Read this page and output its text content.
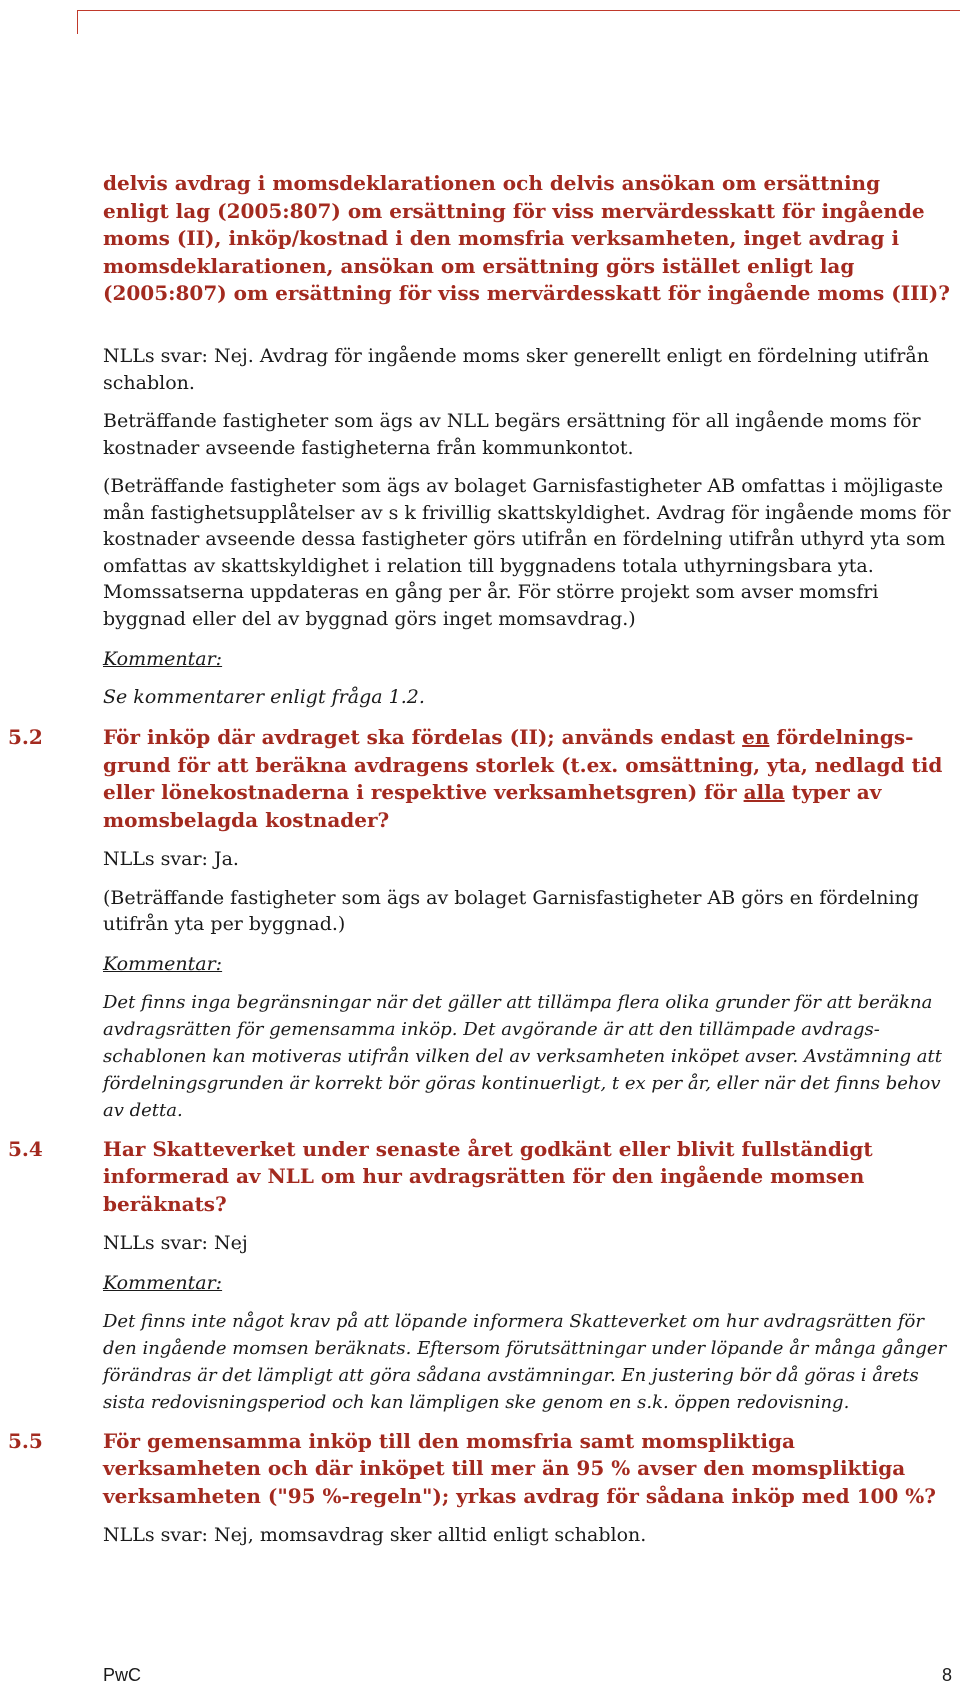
delvis avdrag i momsdeklarationen och delvis ansökan om ersättning enligt lag (2005:807) om ersättning för viss mervärdesskatt för ingående moms (II), inköp/kostnad i den momsfria verksamheten, inget avdrag i momsdeklarationen, ansökan om ersättning görs istället enligt lag (2005:807) om ersättning för viss mervärdesskatt för ingående moms (III)?

NLLs svar: Nej. Avdrag för ingående moms sker generellt enligt en fördelning utifrån schablon.

Beträffande fastigheter som ägs av NLL begärs ersättning för all ingående moms för kostnader avseende fastigheterna från kommunkontot.

(Beträffande fastigheter som ägs av bolaget Garnisfastigheter AB omfattas i möjligaste mån fastighetsupplåtelser av s k frivillig skattskyldighet. Avdrag för ingående moms för kostnader avseende dessa fastigheter görs utifrån en fördelning utifrån uthyrd yta som omfattas av skattskyldighet i relation till byggnadens totala uthyrningsbara yta. Momssatserna uppdateras en gång per år. För större projekt som avser momsfri byggnad eller del av byggnad görs inget momsavdrag.)

Kommentar:

Se kommentarer enligt fråga 1.2.

5.2	För inköp där avdraget ska fördelas (II); används endast en fördelnings-grund för att beräkna avdragens storlek (t.ex. omsättning, yta, nedlagd tid eller lönekostnaderna i respektive verksamhetsgren) för alla typer av momsbelagda kostnader?

NLLs svar: Ja.

(Beträffande fastigheter som ägs av bolaget Garnisfastigheter AB görs en fördelning utifrån yta per byggnad.)

Kommentar:

Det finns inga begränsningar när det gäller att tillämpa flera olika grunder för att beräkna avdragsrätten för gemensamma inköp. Det avgörande är att den tillämpade avdrags-schablonen kan motiveras utifrån vilken del av verksamheten inköpet avser. Avstämning att fördelningsgrunden är korrekt bör göras kontinuerligt, t ex per år, eller när det finns behov av detta.

5.4	Har Skatteverket under senaste året godkänt eller blivit fullständigt informerad av NLL om hur avdragsrätten för den ingående momsen beräknats?

NLLs svar: Nej

Kommentar:

Det finns inte något krav på att löpande informera Skatteverket om hur avdragsrätten för den ingående momsen beräknats. Eftersom förutsättningar under löpande år många gånger förändras är det lämpligt att göra sådana avstämningar. En justering bör då göras i årets sista redovisningsperiod och kan lämpligen ske genom en s.k. öppen redovisning.

5.5	För gemensamma inköp till den momsfria samt momspliktiga verksamheten och där inköpet till mer än 95 % avser den momspliktiga verksamheten ("95 %-regeln"); yrkas avdrag för sådana inköp med 100 %?

NLLs svar: Nej, momsavdrag sker alltid enligt schablon.

PwC	8
